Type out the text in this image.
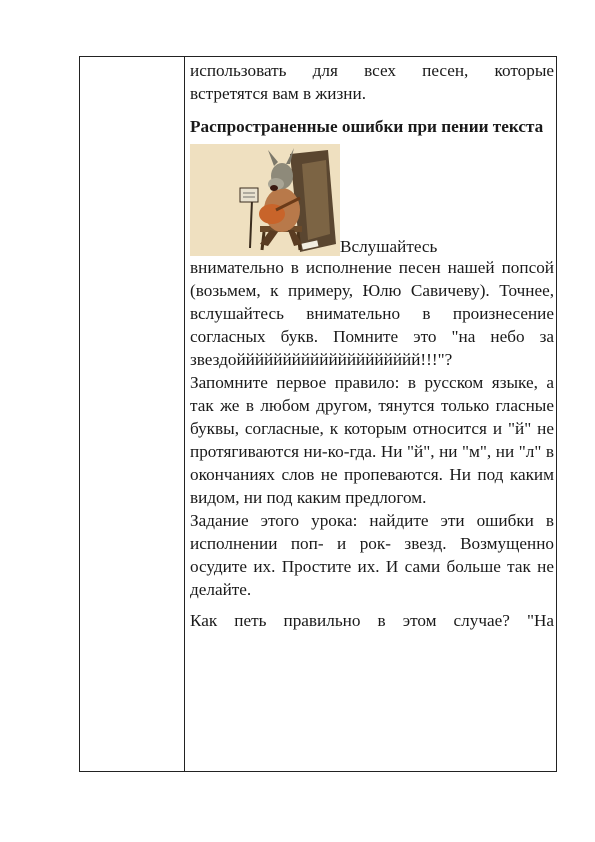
использовать для всех песен, которые

встретятся вам в жизни.

Распространенные ошибки при пении текста

Вслушайтесь

внимательно в исполнение песен нашей попсой (возьмем, к примеру, Юлю Савичеву). Точнее, вслушайтесь внимательно в произнесение согласных букв. Помните это "на небо за звездойййййййййййййййййййй!!!"?

Запомните первое правило: в русском языке, а так же в любом другом, тянутся только гласные буквы, согласные, к которым относится и "й" не протягиваются ни-ко-гда. Ни "й", ни "м", ни "л" в окончаниях слов не пропеваются. Ни под каким видом, ни под каким предлогом.

Задание этого урока: найдите эти ошибки в исполнении поп- и рок- звезд. Возмущенно осудите их. Простите их. И сами больше так не делайте.

Как петь правильно в этом случае? "На
